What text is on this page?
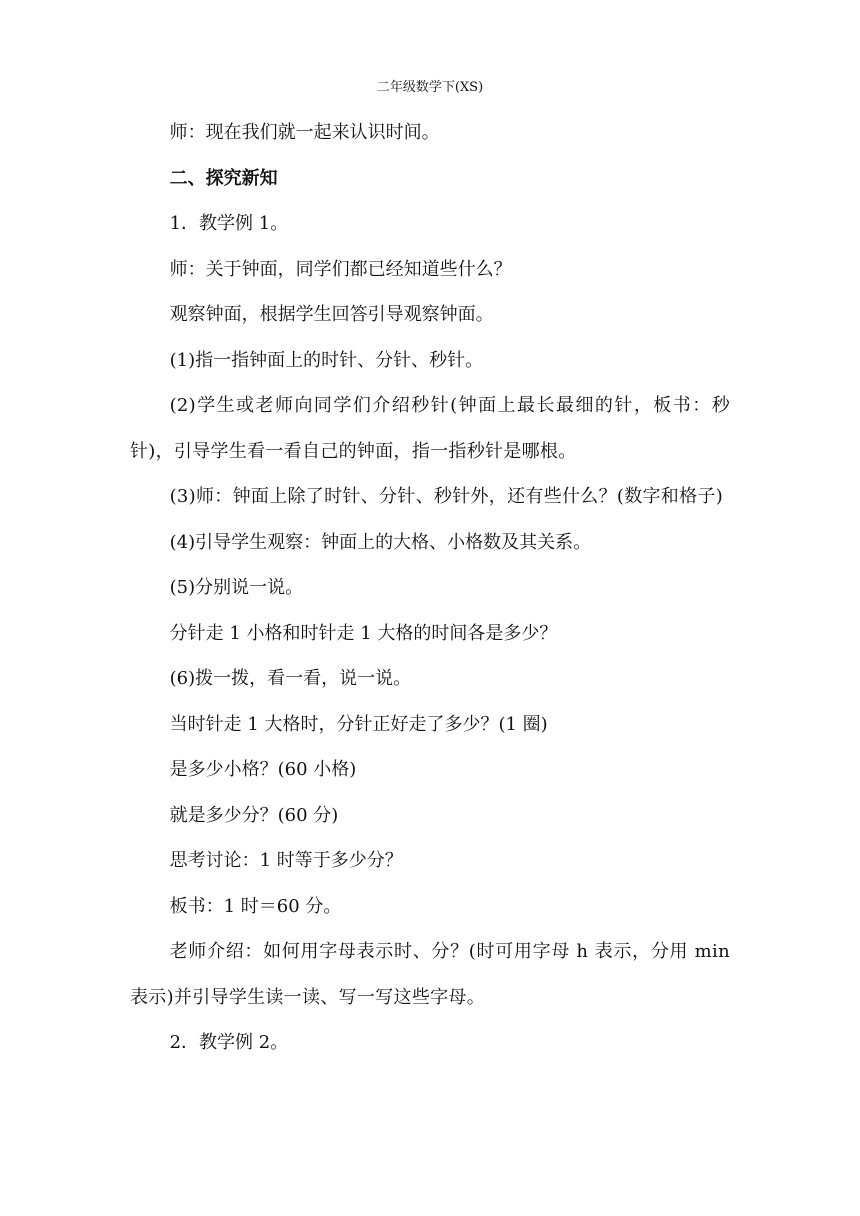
二年级数学下(XS)

师：现在我们就一起来认识时间。

二、探究新知

1．教学例 1。

师：关于钟面，同学们都已经知道些什么？

观察钟面，根据学生回答引导观察钟面。

(1)指一指钟面上的时针、分针、秒针。

(2)学生或老师向同学们介绍秒针(钟面上最长最细的针，板书：秒针)，引导学生看一看自己的钟面，指一指秒针是哪根。

(3)师：钟面上除了时针、分针、秒针外，还有些什么？(数字和格子)

(4)引导学生观察：钟面上的大格、小格数及其关系。

(5)分别说一说。

分针走 1 小格和时针走 1 大格的时间各是多少？

(6)拨一拨，看一看，说一说。

当时针走 1 大格时，分针正好走了多少？(1 圈)

是多少小格？(60 小格)

就是多少分？(60 分)

思考讨论：1 时等于多少分？

板书：1 时＝60 分。

老师介绍：如何用字母表示时、分？(时可用字母 h 表示，分用 min 表示)并引导学生读一读、写一写这些字母。

2．教学例 2。
